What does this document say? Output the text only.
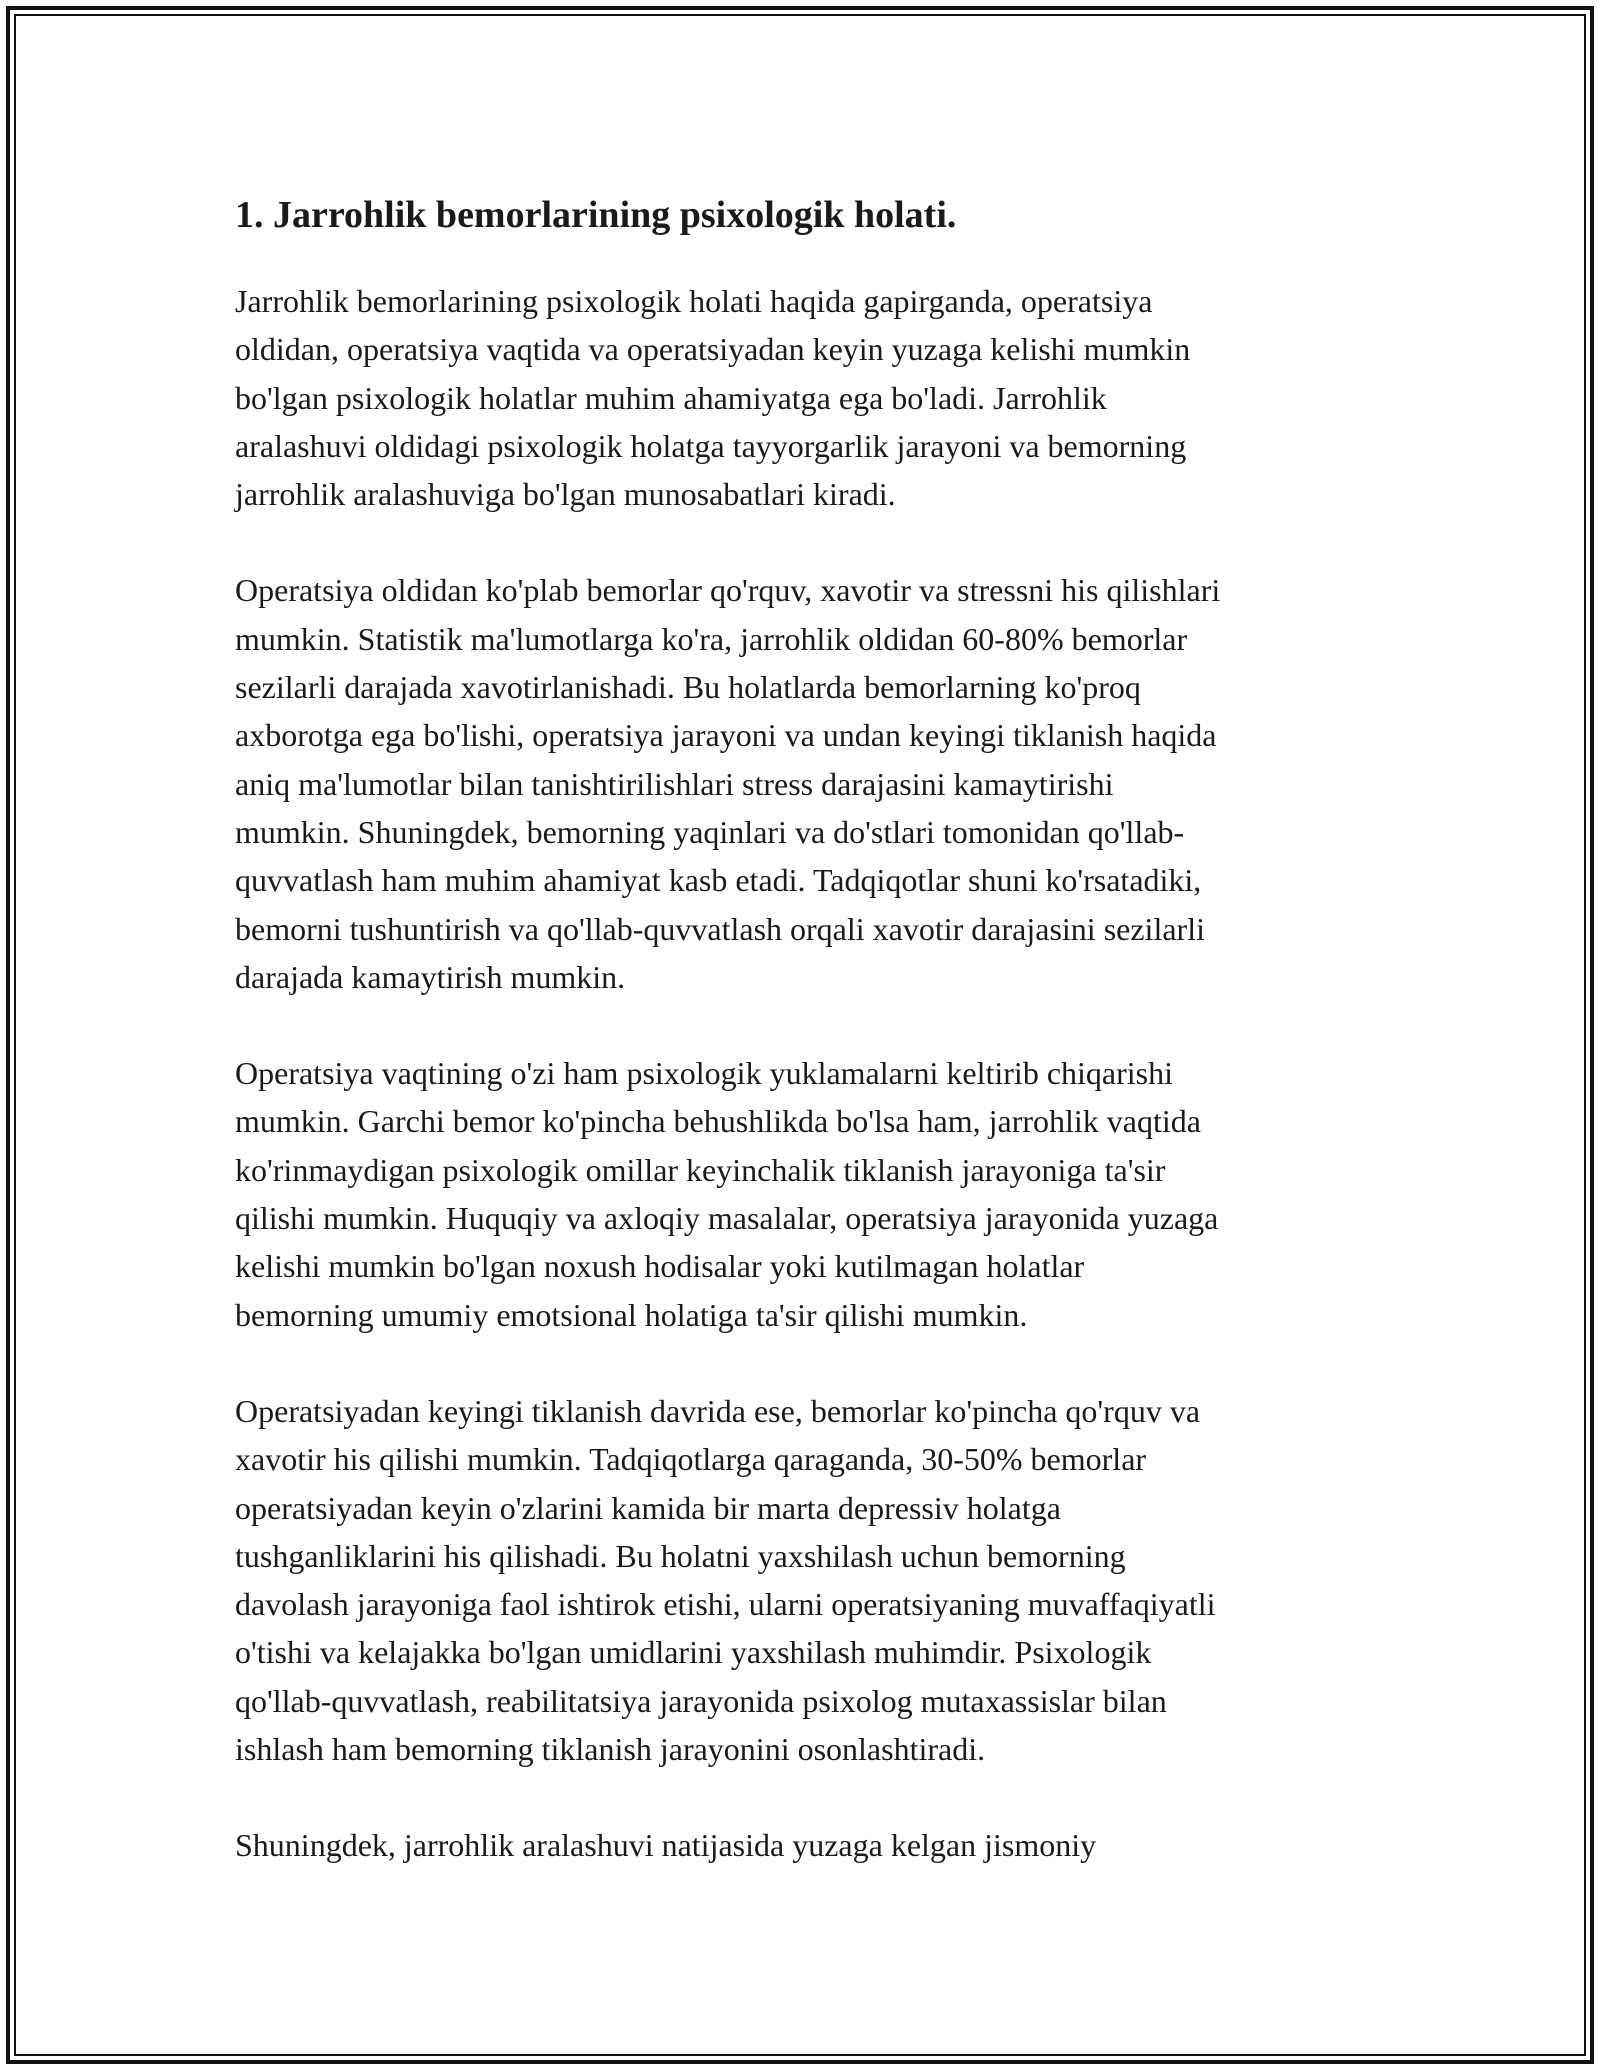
1. Jarrohlik bemorlarining psixologik holati.

Jarrohlik bemorlarining psixologik holati haqida gapirganda, operatsiya
oldidan, operatsiya vaqtida va operatsiyadan keyin yuzaga kelishi mumkin
bo'lgan psixologik holatlar muhim ahamiyatga ega bo'ladi. Jarrohlik
aralashuvi oldidagi psixologik holatga tayyorgarlik jarayoni va bemorning
jarrohlik aralashuviga bo'lgan munosabatlari kiradi.

Operatsiya oldidan ko'plab bemorlar qo'rquv, xavotir va stressni his qilishlari
mumkin. Statistik ma'lumotlarga ko'ra, jarrohlik oldidan 60-80% bemorlar
sezilarli darajada xavotirlanishadi. Bu holatlarda bemorlarning ko'proq
axborotga ega bo'lishi, operatsiya jarayoni va undan keyingi tiklanish haqida
aniq ma'lumotlar bilan tanishtirilishlari stress darajasini kamaytirishi
mumkin. Shuningdek, bemorning yaqinlari va do'stlari tomonidan qo'llab-
quvvatlash ham muhim ahamiyat kasb etadi. Tadqiqotlar shuni ko'rsatadiki,
bemorni tushuntirish va qo'llab-quvvatlash orqali xavotir darajasini sezilarli
darajada kamaytirish mumkin.

Operatsiya vaqtining o'zi ham psixologik yuklamalarni keltirib chiqarishi
mumkin. Garchi bemor ko'pincha behushlikda bo'lsa ham, jarrohlik vaqtida
ko'rinmaydigan psixologik omillar keyinchalik tiklanish jarayoniga ta'sir
qilishi mumkin. Huquqiy va axloqiy masalalar, operatsiya jarayonida yuzaga
kelishi mumkin bo'lgan noxush hodisalar yoki kutilmagan holatlar
bemorning umumiy emotsional holatiga ta'sir qilishi mumkin.

Operatsiyadan keyingi tiklanish davrida ese, bemorlar ko'pincha qo'rquv va
xavotir his qilishi mumkin. Tadqiqotlarga qaraganda, 30-50% bemorlar
operatsiyadan keyin o'zlarini kamida bir marta depressiv holatga
tushganliklarini his qilishadi. Bu holatni yaxshilash uchun bemorning
davolash jarayoniga faol ishtirok etishi, ularni operatsiyaning muvaffaqiyatli
o'tishi va kelajakka bo'lgan umidlarini yaxshilash muhimdir. Psixologik
qo'llab-quvvatlash, reabilitatsiya jarayonida psixolog mutaxassislar bilan
ishlash ham bemorning tiklanish jarayonini osonlashtiradi.

Shuningdek, jarrohlik aralashuvi natijasida yuzaga kelgan jismoniy
